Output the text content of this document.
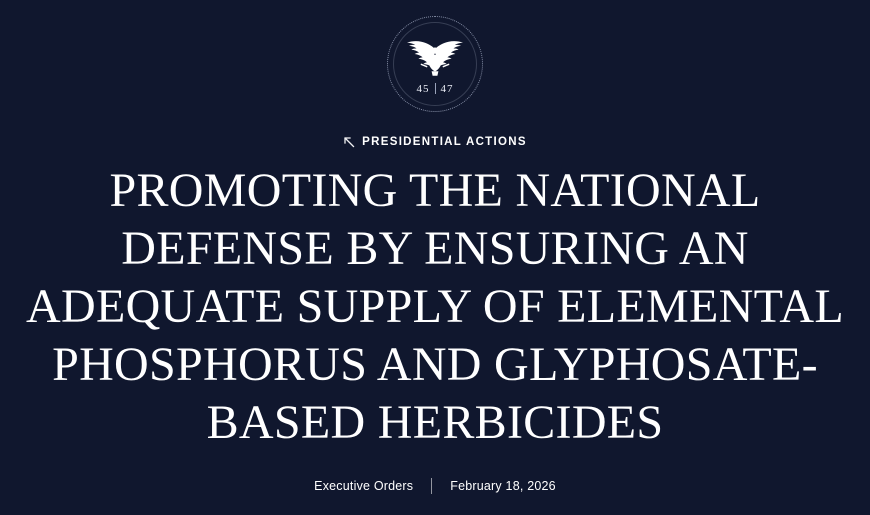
45 47
PRESIDENTIAL ACTIONS
PROMOTING THE NATIONAL DEFENSE BY ENSURING AN ADEQUATE SUPPLY OF ELEMENTAL PHOSPHORUS AND GLYPHOSATE-BASED HERBICIDES
Executive Orders	February 18, 2026
